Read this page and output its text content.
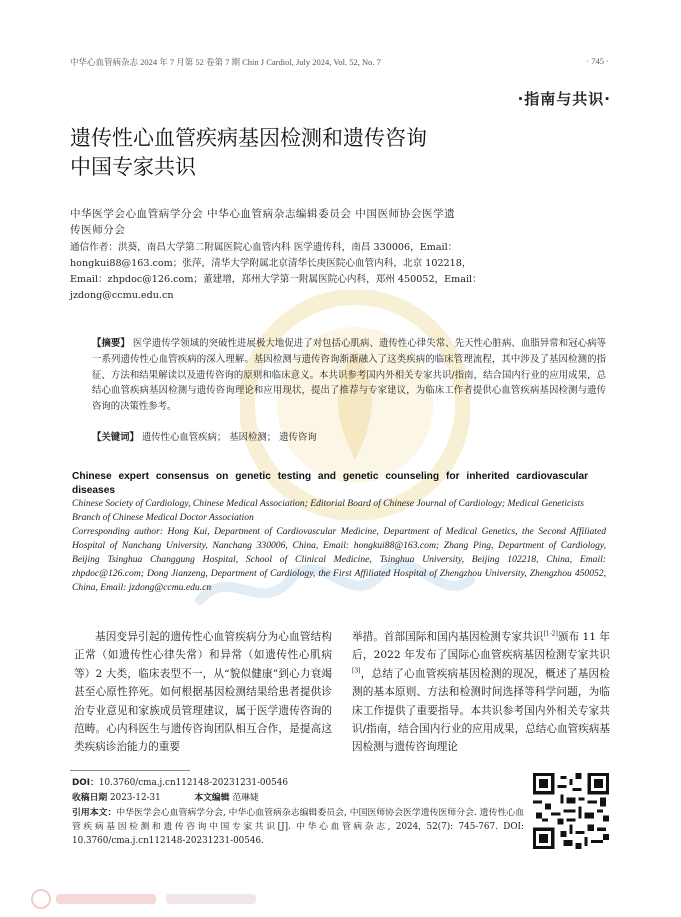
中华心血管病杂志 2024 年 7 月第 52 卷第 7 期 Chin J Cardiol, July 2024, Vol. 52, No. 7	· 745 ·
·指南与共识·
遗传性心血管疾病基因检测和遗传咨询
中国专家共识
中华医学会心血管病学分会 中华心血管病杂志编辑委员会 中国医师协会医学遗
传医师分会
通信作者：洪葵，南昌大学第二附属医院心血管内科 医学遗传科，南昌 330006，Email：
hongkui88@163.com；张萍，清华大学附属北京清华长庚医院心血管内科，北京 102218，
Email：zhpdoc@126.com；董建增，郑州大学第一附属医院心内科，郑州 450052，Email：
jzdong@ccmu.edu.cn
【摘要】 医学遗传学领域的突破性进展极大地促进了对包括心肌病、遗传性心律失常、先天性心脏病、血脂异常和冠心病等一系列遗传性心血管疾病的深入理解。基因检测与遗传咨询渐渐融入了这类疾病的临床管理流程，其中涉及了基因检测的指征、方法和结果解读以及遗传咨询的原则和临床意义。本共识参考国内外相关专家共识/指南，结合国内行业的应用成果，总结心血管疾病基因检测与遗传咨询理论和应用现状，提出了推荐与专家建议，为临床工作者提供心血管疾病基因检测与遗传咨询的决策性参考。
【关键词】 遗传性心血管疾病； 基因检测； 遗传咨询
Chinese expert consensus on genetic testing and genetic counseling for inherited cardiovascular diseases
Chinese Society of Cardiology, Chinese Medical Association; Editorial Board of Chinese Journal of Cardiology; Medical Geneticists Branch of Chinese Medical Doctor Association
Corresponding author: Hong Kui, Department of Cardiovascular Medicine, Department of Medical Genetics, the Second Affiliated Hospital of Nanchang University, Nanchang 330006, China, Email: hongkui88@163.com; Zhang Ping, Department of Cardiology, Beijing Tsinghua Changgung Hospital, School of Clinical Medicine, Tsinghua University, Beijing 102218, China, Email: zhpdoc@126.com; Dong Jianzeng, Department of Cardiology, the First Affiliated Hospital of Zhengzhou University, Zhengzhou 450052, China, Email: jzdong@ccmu.edu.cn
基因变异引起的遗传性心血管疾病分为心血管结构正常（如遗传性心律失常）和异常（如遗传性心肌病等）2 大类，临床表型不一，从“貌似健康”到心力衰竭甚至心原性猝死。如何根据基因检测结果给患者提供诊治专业意见和家族成员管理建议，属于医学遗传咨询的范畴。心内科医生与遗传咨询团队相互合作，是提高这类疾病诊治能力的重要
举措。首部国际和国内基因检测专家共识[1-2]颁布 11 年后，2022 年发布了国际心血管疾病基因检测专家共识[3]，总结了心血管疾病基因检测的现况，概述了基因检测的基本原则、方法和检测时间选择等科学问题，为临床工作提供了重要指导。本共识参考国内外相关专家共识/指南，结合国内行业的应用成果，总结心血管疾病基因检测与遗传咨询理论
DOI：10.3760/cma.j.cn112148-20231231-00546
收稿日期 2023-12-31	本文编辑 范琳婕
引用本文：中华医学会心血管病学分会, 中华心血管病杂志编辑委员会, 中国医师协会医学遗传医师分会. 遗传性心血管疾病基因检测和遗传咨询中国专家共识[J]. 中华心血管病杂志, 2024, 52(7): 745-767. DOI: 10.3760/cma.j.cn112148-20231231-00546.
